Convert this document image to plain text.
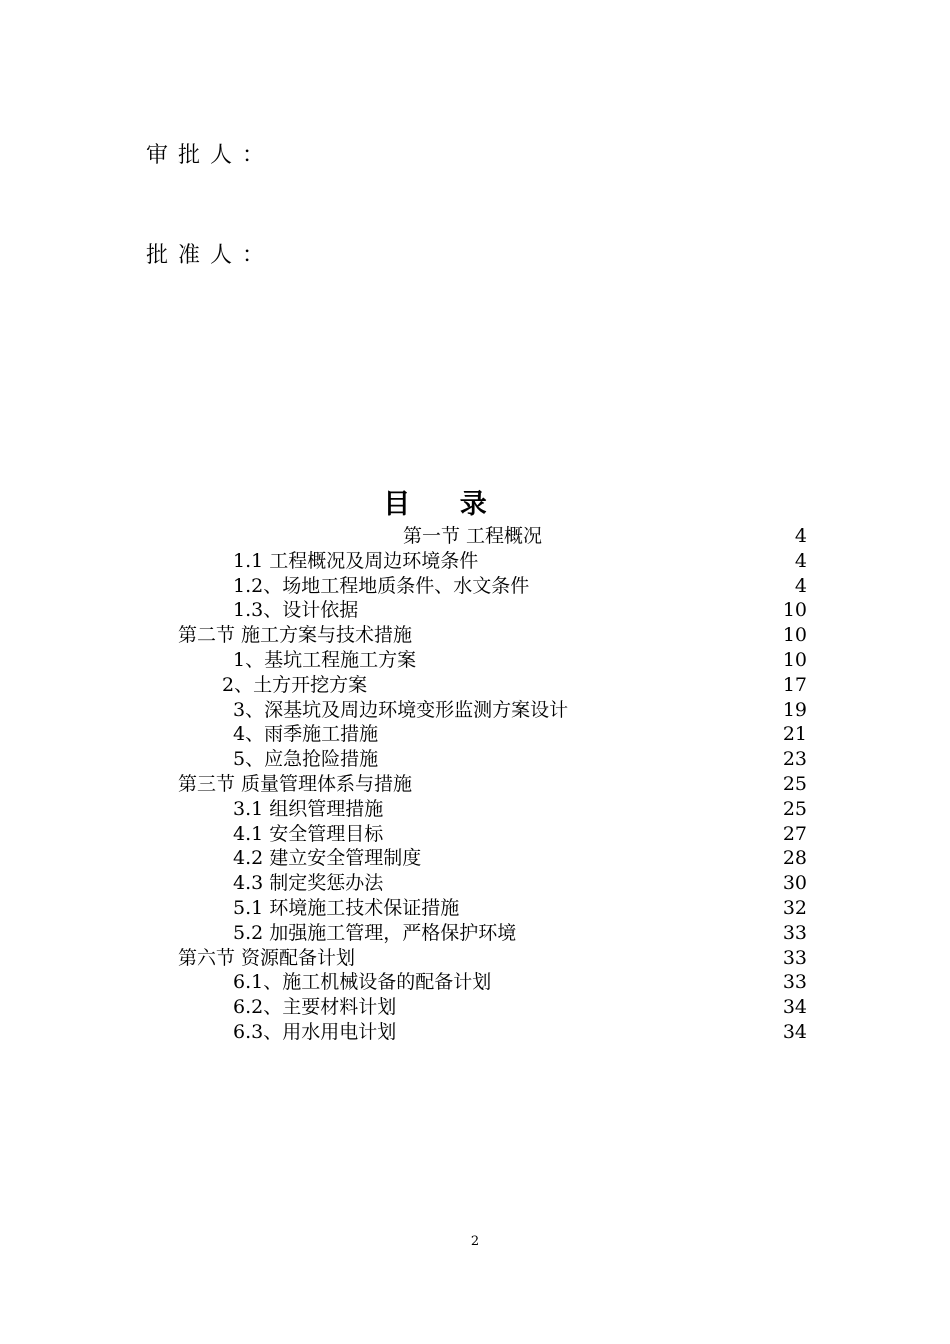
审批人：
批准人：
目 录
第一节 工程概况	4
1.1 工程概况及周边环境条件	4
1.2、场地工程地质条件、水文条件	4
1.3、设计依据	10
第二节 施工方案与技术措施	10
1、基坑工程施工方案	10
2、土方开挖方案	17
3、深基坑及周边环境变形监测方案设计	19
4、雨季施工措施	21
5、应急抢险措施	23
第三节 质量管理体系与措施	25
3.1 组织管理措施	25
4.1 安全管理目标	27
4.2 建立安全管理制度	28
4.3 制定奖惩办法	30
5.1 环境施工技术保证措施	32
5.2 加强施工管理，严格保护环境	33
第六节 资源配备计划	33
6.1、施工机械设备的配备计划	33
6.2、主要材料计划	34
6.3、用水用电计划	34
2
